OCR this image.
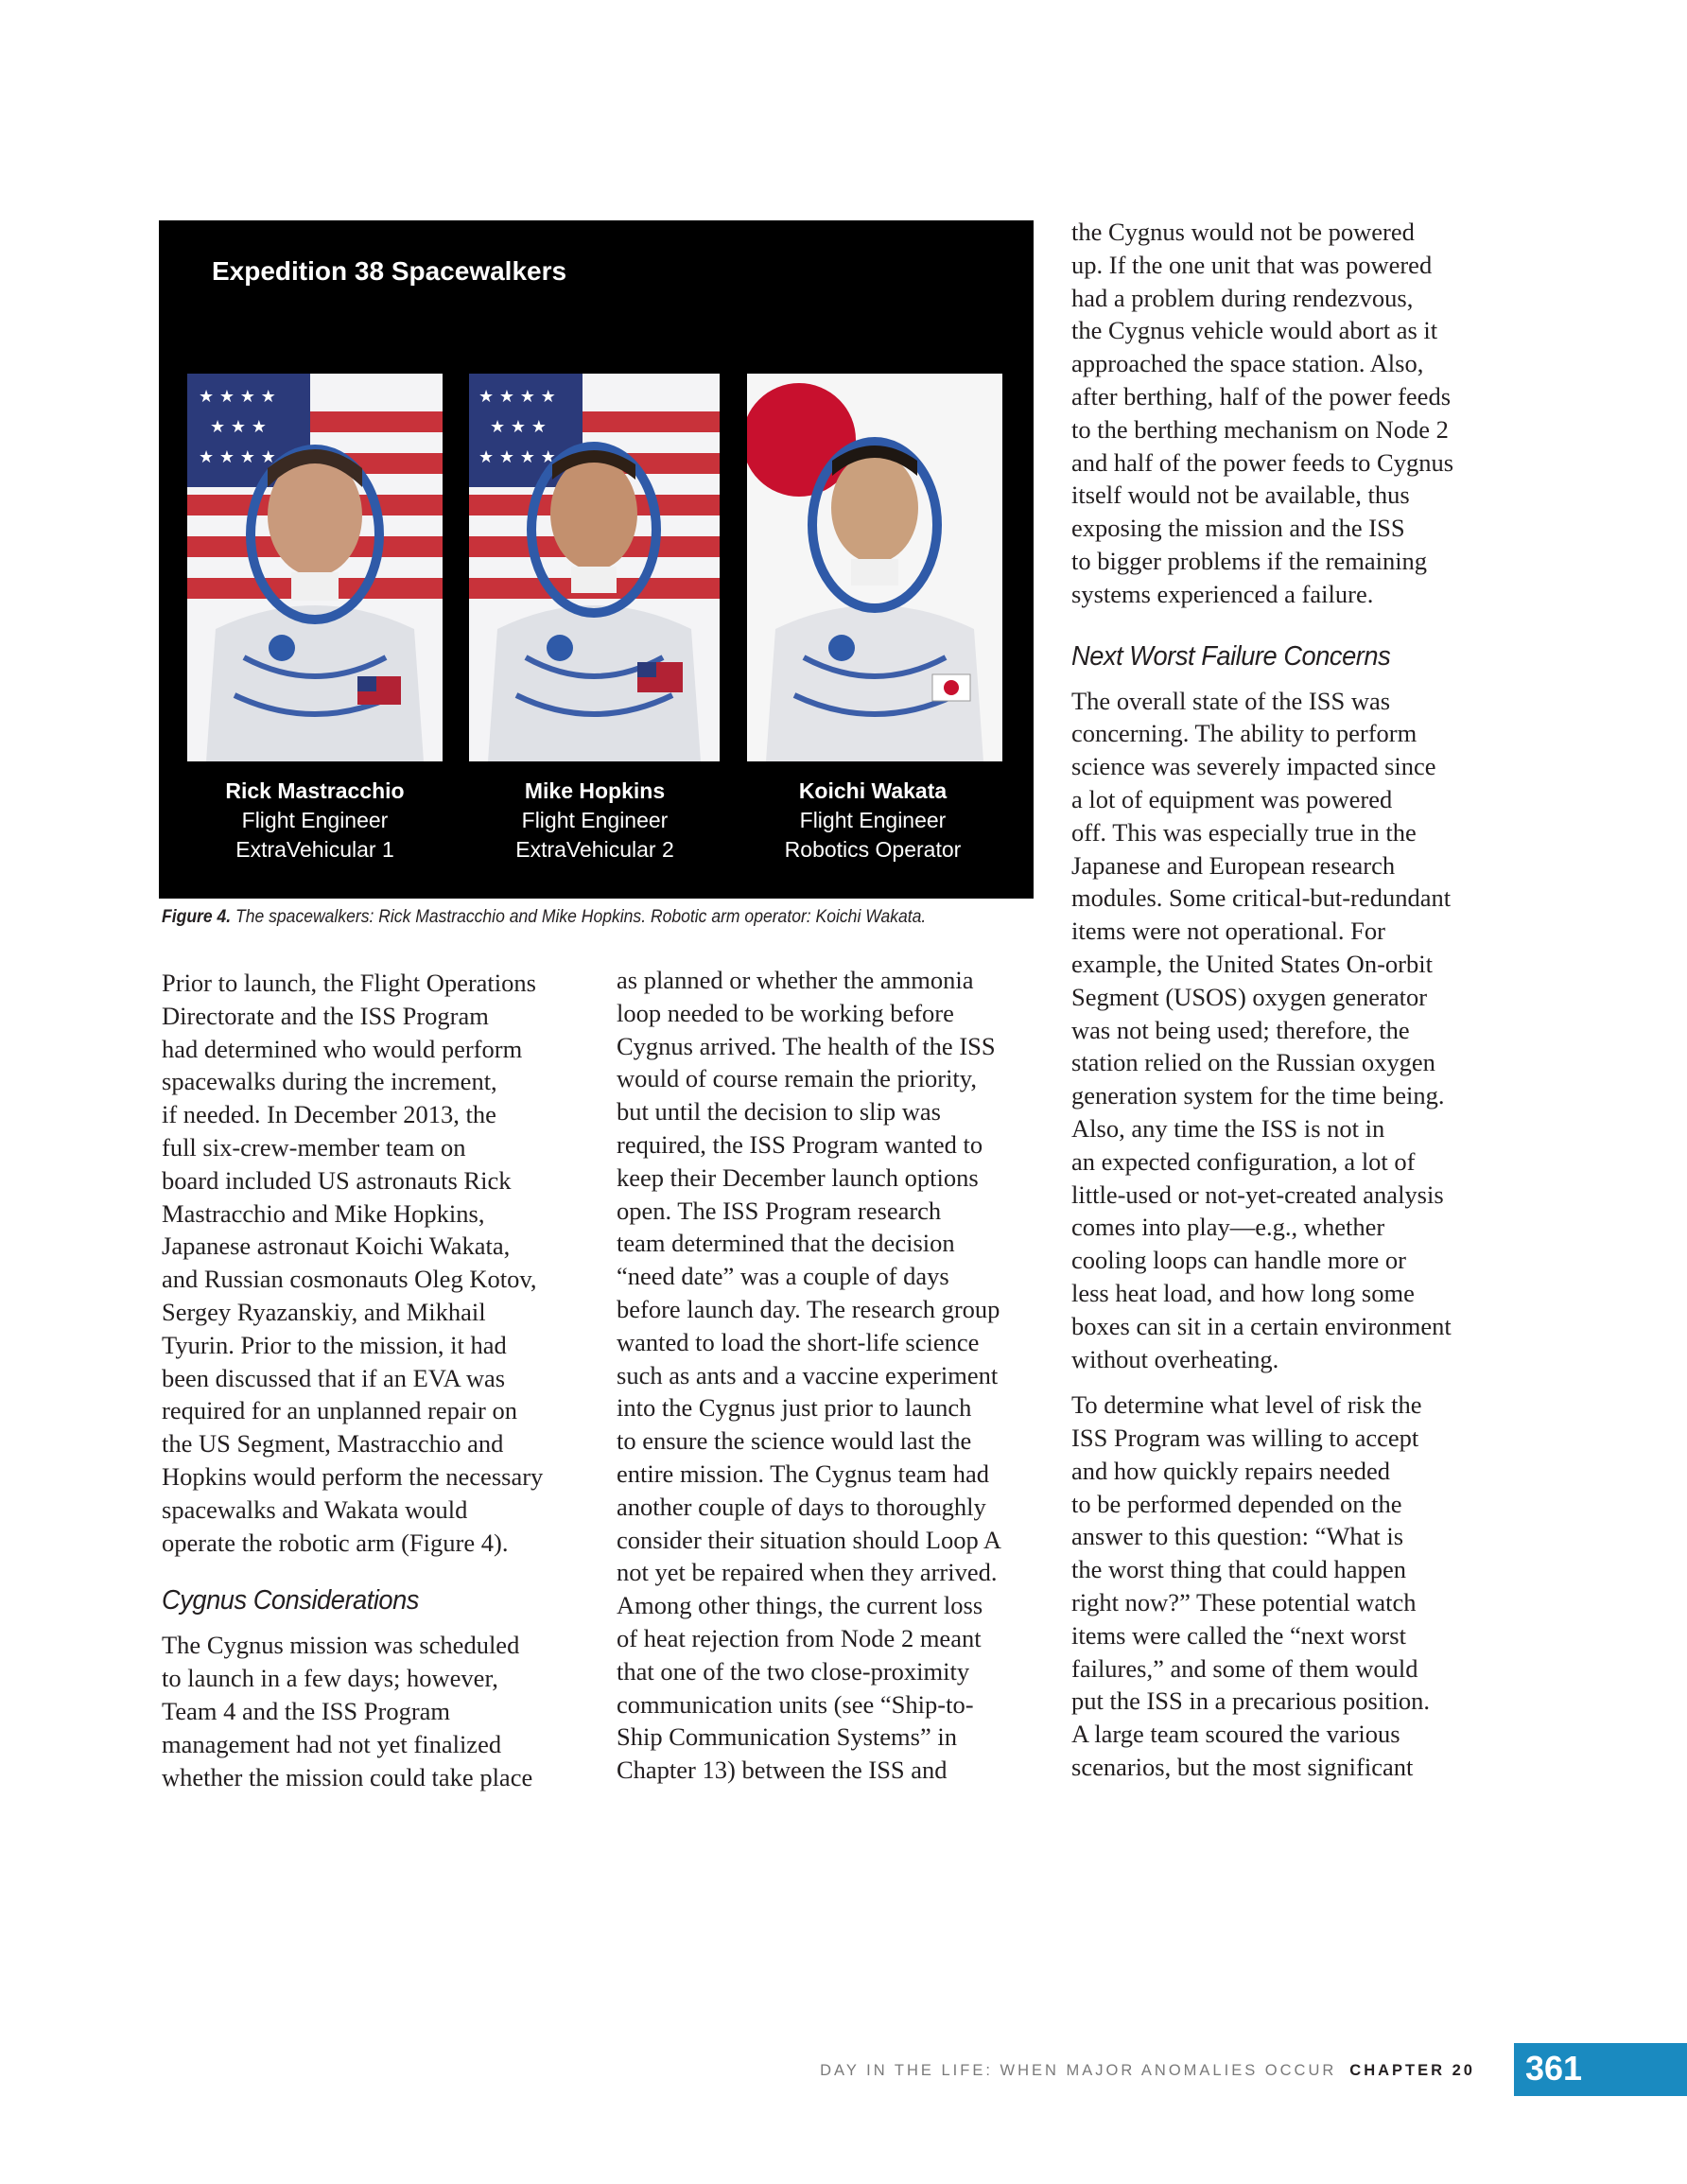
Expedition 38 Spacewalkers
★ ★ ★ ★
★ ★ ★
★ ★ ★ ★
★ ★ ★ ★
★ ★ ★
★ ★ ★ ★
Rick Mastracchio
Flight Engineer
ExtraVehicular 1
Mike Hopkins
Flight Engineer
ExtraVehicular 2
Koichi Wakata
Flight Engineer
Robotics Operator
Figure 4. The spacewalkers: Rick Mastracchio and Mike Hopkins. Robotic arm operator: Koichi Wakata.

Prior to launch, the Flight Operations
Directorate and the ISS Program
had determined who would perform
spacewalks during the increment,
if needed. In December 2013, the
full six-crew-member team on
board included US astronauts Rick
Mastracchio and Mike Hopkins,
Japanese astronaut Koichi Wakata,
and Russian cosmonauts Oleg Kotov,
Sergey Ryazanskiy, and Mikhail
Tyurin. Prior to the mission, it had
been discussed that if an EVA was
required for an unplanned repair on
the US Segment, Mastracchio and
Hopkins would perform the necessary
spacewalks and Wakata would
operate the robotic arm (Figure 4).

Cygnus Considerations

The Cygnus mission was scheduled
to launch in a few days; however,
Team 4 and the ISS Program
management had not yet finalized
whether the mission could take place

as planned or whether the ammonia
loop needed to be working before
Cygnus arrived. The health of the ISS
would of course remain the priority,
but until the decision to slip was
required, the ISS Program wanted to
keep their December launch options
open. The ISS Program research
team determined that the decision
“need date” was a couple of days
before launch day. The research group
wanted to load the short-life science
such as ants and a vaccine experiment
into the Cygnus just prior to launch
to ensure the science would last the
entire mission. The Cygnus team had
another couple of days to thoroughly
consider their situation should Loop A
not yet be repaired when they arrived.
Among other things, the current loss
of heat rejection from Node 2 meant
that one of the two close-proximity
communication units (see “Ship-to-
Ship Communication Systems” in
Chapter 13) between the ISS and

the Cygnus would not be powered
up. If the one unit that was powered
had a problem during rendezvous,
the Cygnus vehicle would abort as it
approached the space station. Also,
after berthing, half of the power feeds
to the berthing mechanism on Node 2
and half of the power feeds to Cygnus
itself would not be available, thus
exposing the mission and the ISS
to bigger problems if the remaining
systems experienced a failure.

Next Worst Failure Concerns

The overall state of the ISS was
concerning. The ability to perform
science was severely impacted since
a lot of equipment was powered
off. This was especially true in the
Japanese and European research
modules. Some critical-but-redundant
items were not operational. For
example, the United States On-orbit
Segment (USOS) oxygen generator
was not being used; therefore, the
station relied on the Russian oxygen
generation system for the time being.
Also, any time the ISS is not in
an expected configuration, a lot of
little-used or not-yet-created analysis
comes into play—e.g., whether
cooling loops can handle more or
less heat load, and how long some
boxes can sit in a certain environment
without overheating.

To determine what level of risk the
ISS Program was willing to accept
and how quickly repairs needed
to be performed depended on the
answer to this question: “What is
the worst thing that could happen
right now?” These potential watch
items were called the “next worst
failures,” and some of them would
put the ISS in a precarious position.
A large team scoured the various
scenarios, but the most significant

DAY IN THE LIFE: WHEN MAJOR ANOMALIES OCCUR CHAPTER 20 361
